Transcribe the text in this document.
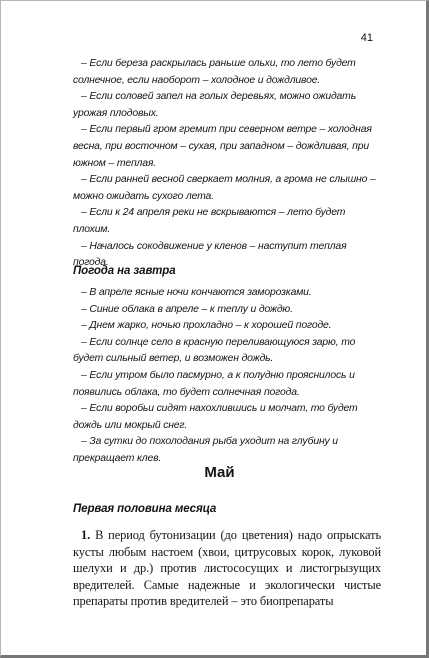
41
– Если береза раскрылась раньше ольхи, то лето будет солнечное, если наоборот – холодное и дождливое.
– Если соловей запел на голых деревьях, можно ожидать урожая плодовых.
– Если первый гром гремит при северном ветре – холодная весна, при восточном – сухая, при западном – дождливая, при южном – теплая.
– Если ранней весной сверкает молния, а грома не слышно – можно ожидать сухого лета.
– Если к 24 апреля реки не вскрываются – лето будет плохим.
– Началось сокодвижение у кленов – наступит теплая погода.
Погода на завтра
– В апреле ясные ночи кончаются заморозками.
– Синие облака в апреле – к теплу и дождю.
– Днем жарко, ночью прохладно – к хорошей погоде.
– Если солнце село в красную переливающуюся зарю, то будет сильный ветер, и возможен дождь.
– Если утром было пасмурно, а к полудню прояснилось и появились облака, то будет солнечная погода.
– Если воробьи сидят нахохлившись и молчат, то будет дождь или мокрый снег.
– За сутки до похолодания рыба уходит на глубину и прекращает клев.
Май
Первая половина месяца

1. В период бутонизации (до цветения) надо опрыскать кусты любым настоем (хвои, цитрусовых корок, луковой шелухи и др.) против листососущих и листогрызущих вредителей. Самые надежные и экологически чистые препараты против вредителей – это биопрепараты
